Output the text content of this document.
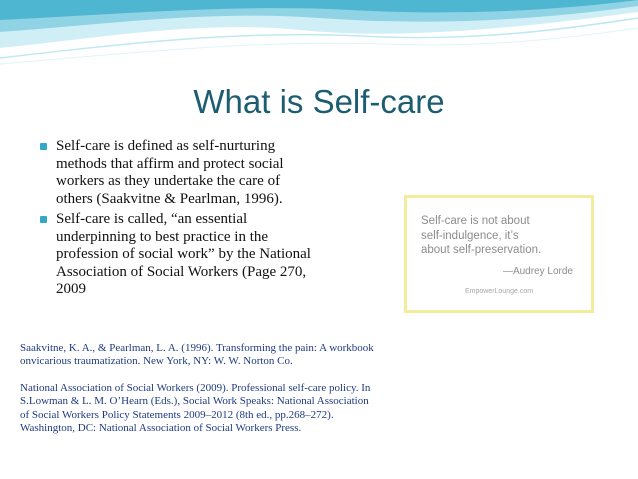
What is Self-care
Self-care is defined as self-nurturing methods that affirm and protect social workers as they undertake the care of others (Saakvitne & Pearlman, 1996).
Self-care is called, “an essential underpinning to best practice in the profession of social work” by the National Association of Social Workers (Page 270, 2009

Saakvitne, K. A., & Pearlman, L. A. (1996). Transforming the pain: A workbook onvicarious traumatization. New York, NY: W. W. Norton Co.

National Association of Social Workers (2009). Professional self-care policy. In S.Lowman & L. M. O’Hearn (Eds.), Social Work Speaks: National Association of Social Workers Policy Statements 2009–2012 (8th ed., pp.268–272). Washington, DC: National Association of Social Workers Press.

Self-care is not about
self-indulgence, it’s
about self-preservation.
—Audrey Lorde
EmpowerLounge.com
